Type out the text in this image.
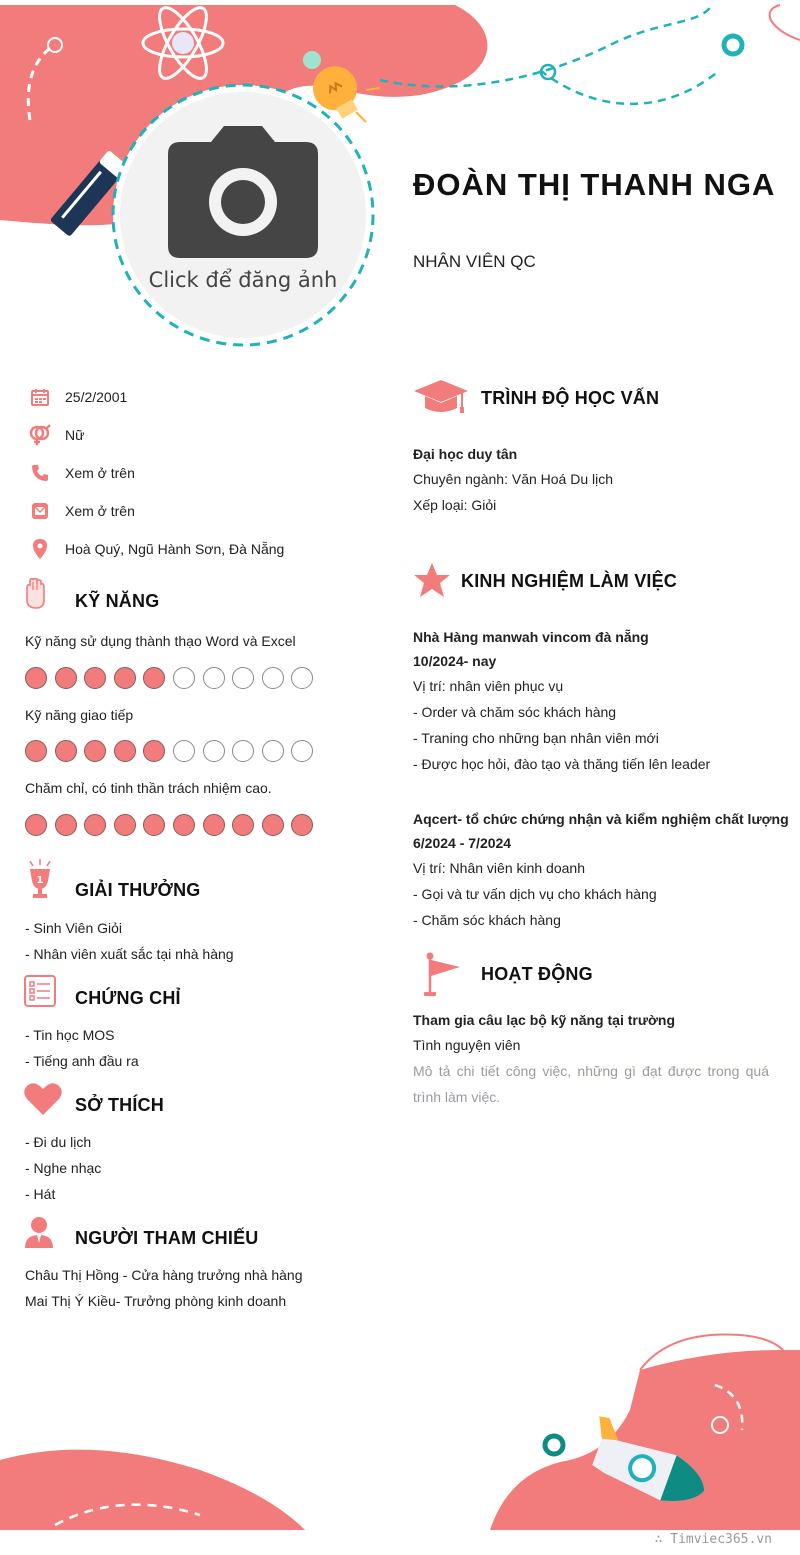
Click để đăng ảnh
ĐOÀN THỊ THANH NGA
NHÂN VIÊN QC
25/2/2001
Nữ
Xem ở trên
Xem ở trên
Hoà Quý, Ngũ Hành Sơn, Đà Nẵng
KỸ NĂNG
Kỹ năng sử dụng thành thạo Word và Excel
Kỹ năng giao tiếp
Chăm chỉ, có tinh thần trách nhiệm cao.
1 GIẢI THƯỞNG
- Sinh Viên Giỏi
- Nhân viên xuất sắc tại nhà hàng
CHỨNG CHỈ
- Tin học MOS
- Tiếng anh đầu ra
SỞ THÍCH
- Đi du lịch
- Nghe nhạc
- Hát
NGƯỜI THAM CHIẾU
Châu Thị Hồng - Cửa hàng trưởng nhà hàng
Mai Thị Ý Kiều- Trưởng phòng kinh doanh
TRÌNH ĐỘ HỌC VẤN
Đại học duy tân
Chuyên ngành: Văn Hoá Du lịch
Xếp loại: Giỏi
KINH NGHIỆM LÀM VIỆC
Nhà Hàng manwah vincom đà nẵng
10/2024- nay
Vị trí: nhân viên phục vụ
- Order và chăm sóc khách hàng
- Traning cho những bạn nhân viên mới
- Được học hỏi, đào tạo và thăng tiến lên leader
Aqcert- tổ chức chứng nhận và kiểm nghiệm chất lượng
6/2024 - 7/2024
Vị trí: Nhân viên kinh doanh
- Gọi và tư vấn dịch vụ cho khách hàng
- Chăm sóc khách hàng
HOẠT ĐỘNG
Tham gia câu lạc bộ kỹ năng tại trường
Tình nguyện viên
Mô tả chi tiết công việc, những gì đạt được trong quá trình làm việc.
∴ Timviec365.vn
